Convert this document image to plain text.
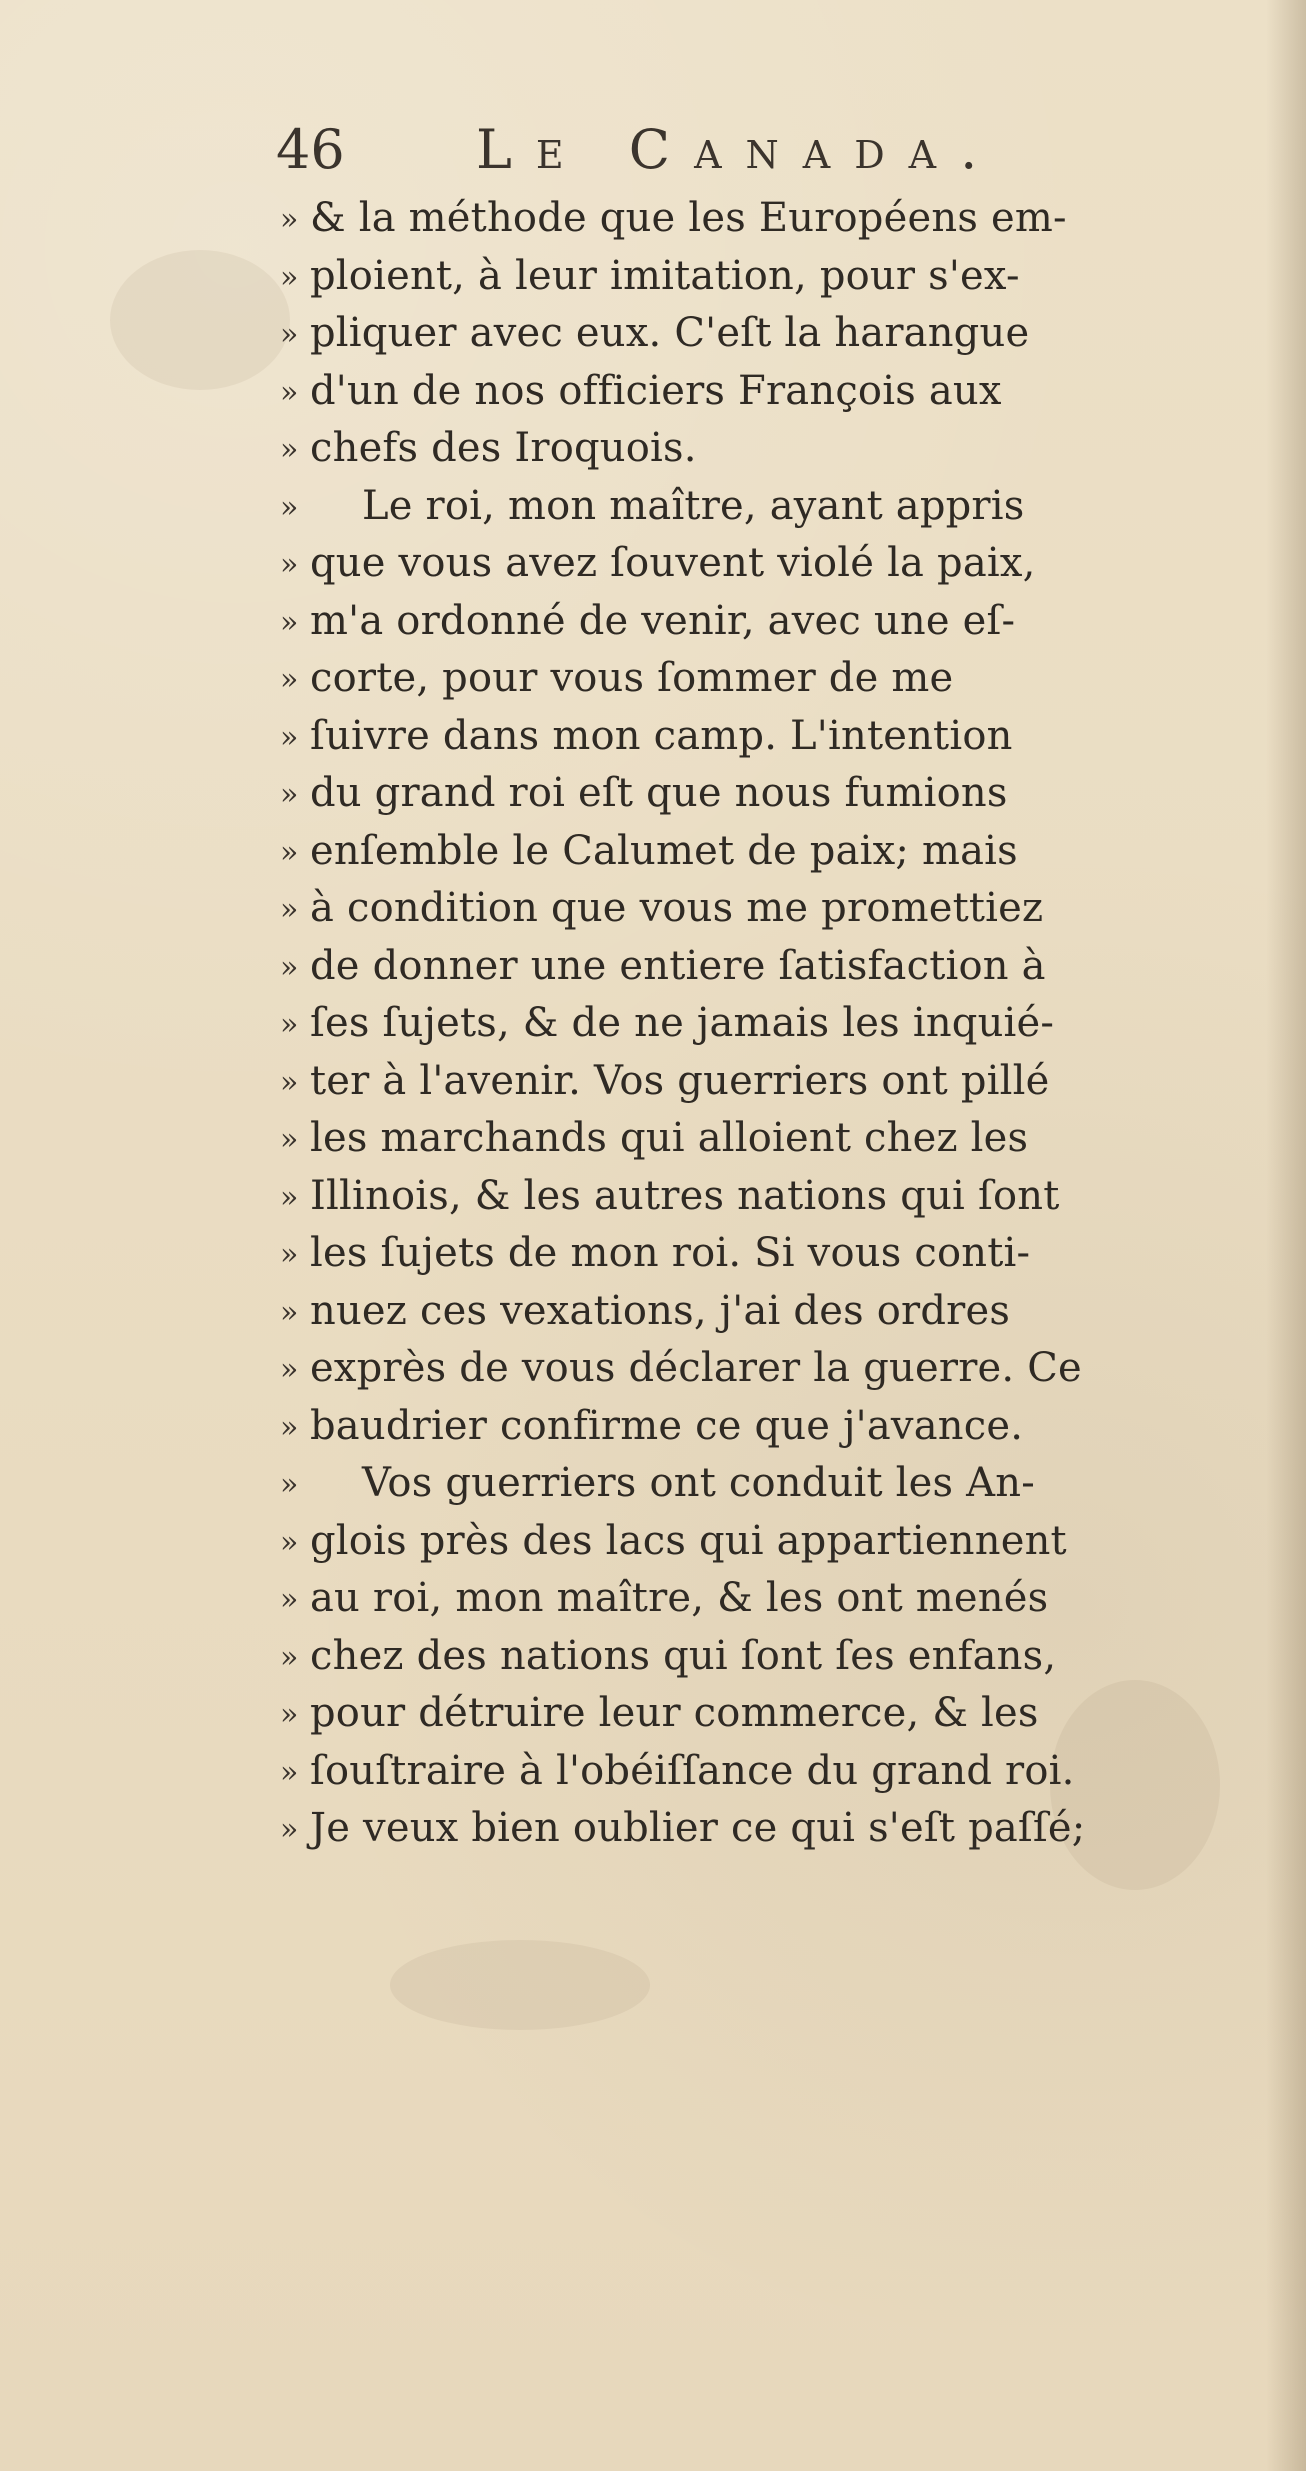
46 Le Canada.
» & la méthode que les Européens em-
» ploient, à leur imitation, pour s'ex-
» pliquer avec eux. C'eſt la harangue
» d'un de nos officiers François aux
» chefs des Iroquois.
»	Le roi, mon maître, ayant appris
» que vous avez ſouvent violé la paix,
» m'a ordonné de venir, avec une eſ-
» corte, pour vous ſommer de me
» ſuivre dans mon camp. L'intention
» du grand roi eſt que nous fumions
» enſemble le Calumet de paix; mais
» à condition que vous me promettiez
» de donner une entiere ſatisfaction à
» ſes ſujets, & de ne jamais les inquié-
» ter à l'avenir. Vos guerriers ont pillé
» les marchands qui alloient chez les
» Illinois, & les autres nations qui ſont
» les ſujets de mon roi. Si vous conti-
» nuez ces vexations, j'ai des ordres
» exprès de vous déclarer la guerre. Ce
» baudrier confirme ce que j'avance.
»	Vos guerriers ont conduit les An-
» glois près des lacs qui appartiennent
» au roi, mon maître, & les ont menés
» chez des nations qui ſont ſes enfans,
» pour détruire leur commerce, & les
» ſouſtraire à l'obéiſſance du grand roi.
» Je veux bien oublier ce qui s'eſt paſſé;
